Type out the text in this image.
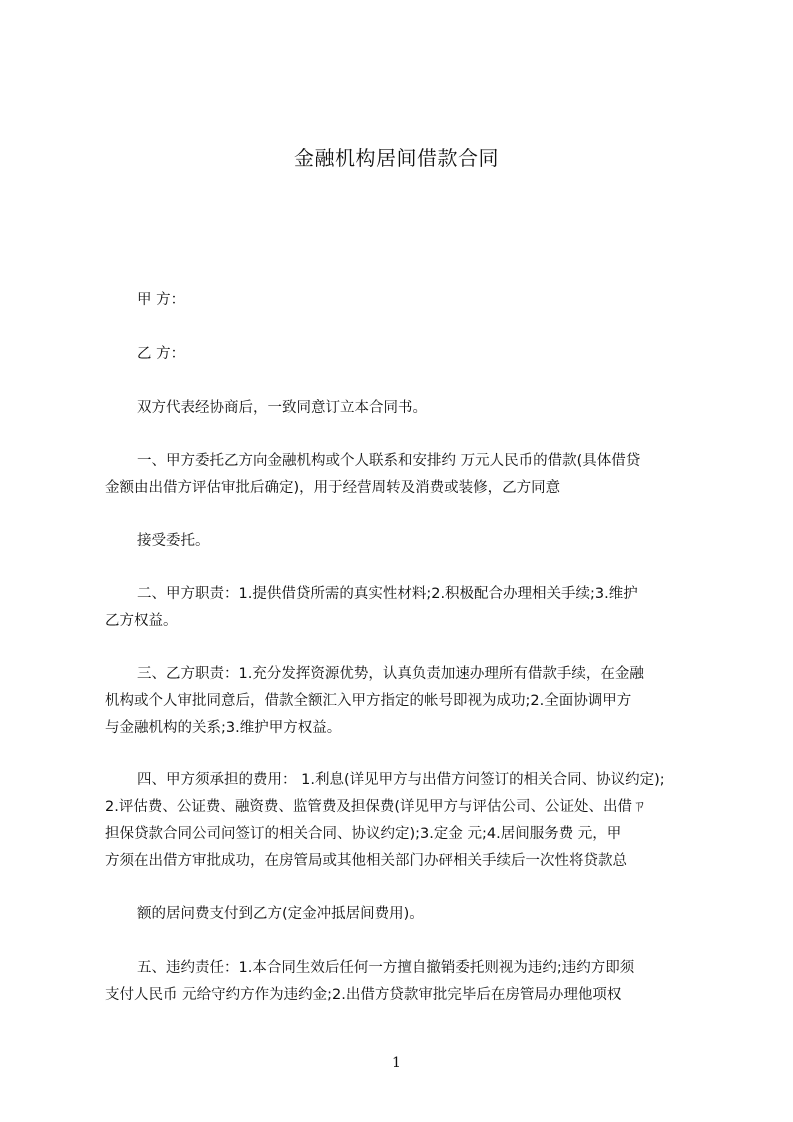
金融机构居间借款合同
甲 方：
乙 方：
双方代表经协商后，一致同意订立本合同书。
一、甲方委托乙方向金融机构或个人联系和安排约 万元人民币的借款(具体借贷
金额由出借方评估审批后确定)，用于经营周转及消费或装修，乙方同意
接受委托。
二、甲方职责：1.提供借贷所需的真实性材料;2.积极配合办理相关手续;3.维护
乙方权益。
三、乙方职责：1.充分发挥资源优势，认真负责加速办理所有借款手续，在金融
机构或个人审批同意后，借款全额汇入甲方指定的帐号即视为成功;2.全面协调甲方
与金融机构的关系;3.维护甲方权益。
四、甲方须承担的费用： 1.利息(详见甲方与出借方问签订的相关合同、协议约定);
2.评估费、公证费、融资费、监管费及担保费(详见甲方与评估公司、公证处、出借ㄗ
担保贷款合同公司问签订的相关合同、协议约定);3.定金 元;4.居间服务费 元，甲
方须在出借方审批成功，在房管局或其他相关部门办砰相关手续后一次性将贷款总
额的居问费支付到乙方(定金冲抵居间费用)。
五、违约责任：1.本合同生效后任何一方擅自撤销委托则视为违约;违约方即须
支付人民币 元给守约方作为违约金;2.出借方贷款审批完毕后在房管局办理他项权
1
